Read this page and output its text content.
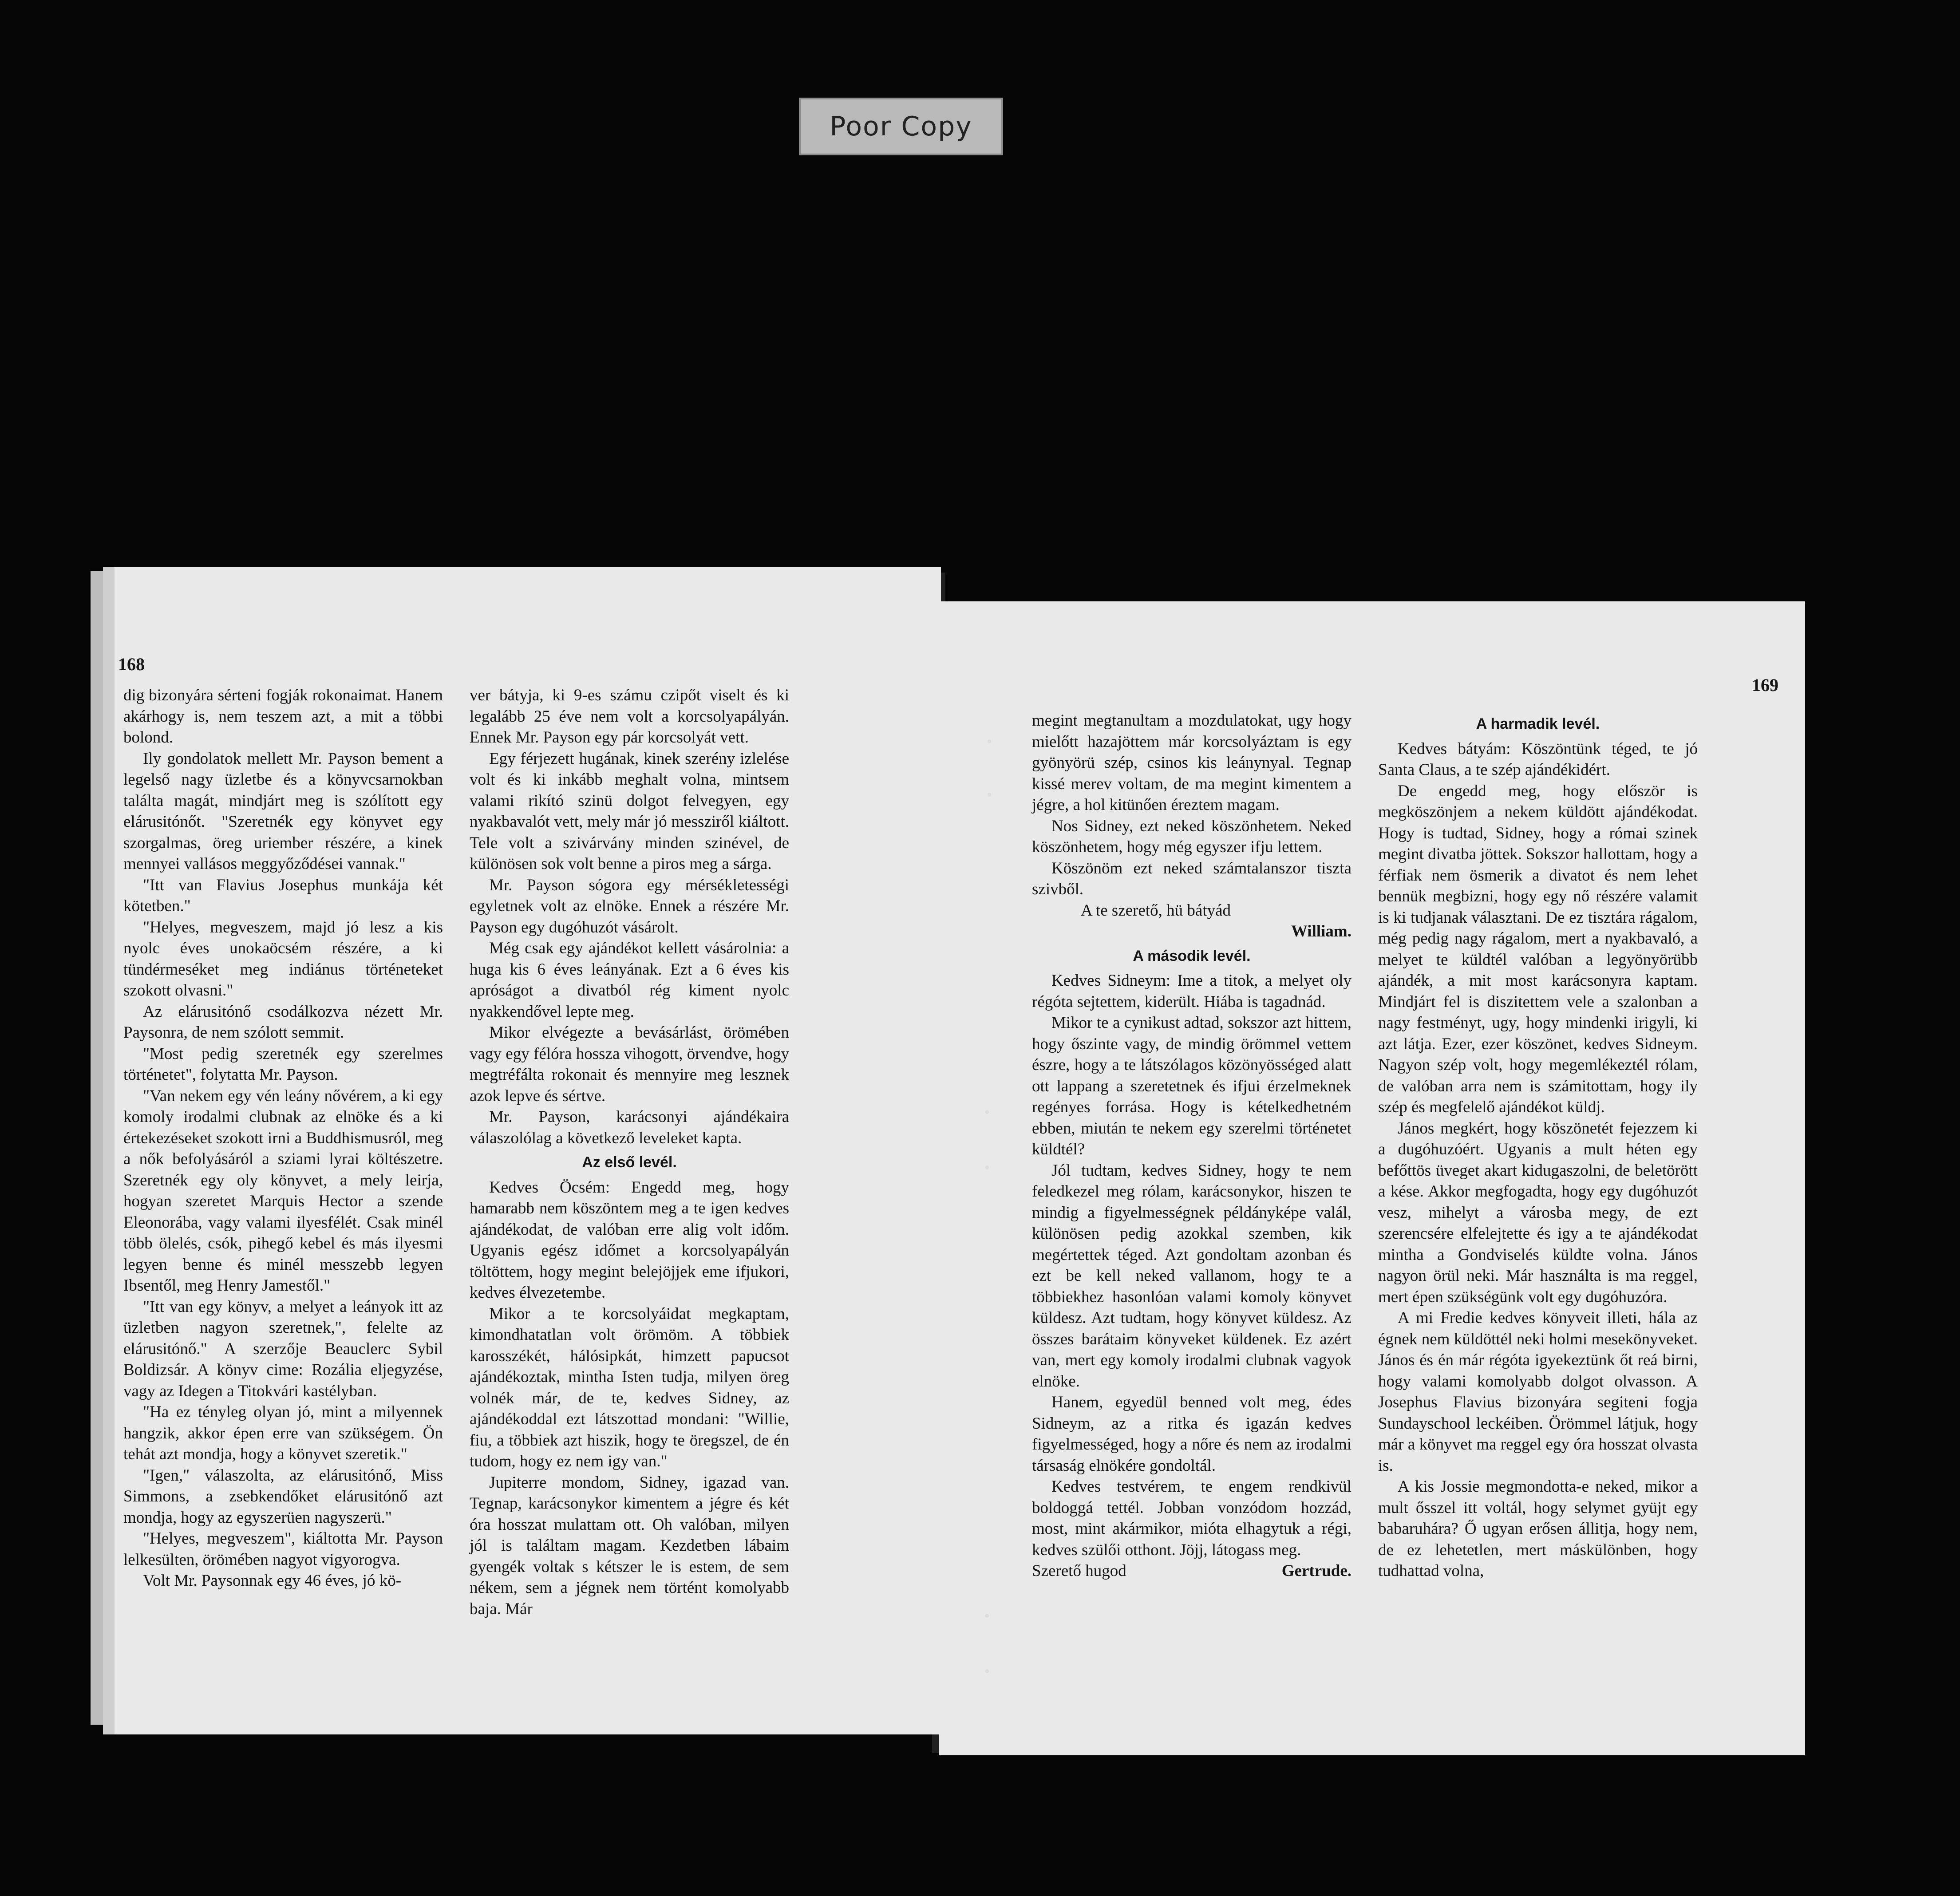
Poor Copy
168

dig bizonyára sérteni fogják rokonaimat. Hanem akárhogy is, nem teszem azt, a mit a többi bolond.

Ily gondolatok mellett Mr. Payson bement a legelső nagy üzletbe és a könyvcsarnokban találta magát, mindjárt meg is szólított egy elárusitónőt. "Szeretnék egy könyvet egy szorgalmas, öreg uriember részére, a kinek mennyei vallásos meggyőződései vannak."

"Itt van Flavius Josephus munkája két kötetben."

"Helyes, megveszem, majd jó lesz a kis nyolc éves unokaöcsém részére, a ki tündérmeséket meg indiánus történeteket szokott olvasni."

Az elárusitónő csodálkozva nézett Mr. Paysonra, de nem szólott semmit.

"Most pedig szeretnék egy szerelmes történetet", folytatta Mr. Payson.

"Van nekem egy vén leány nővérem, a ki egy komoly irodalmi clubnak az elnöke és a ki értekezéseket szokott irni a Buddhismusról, meg a nők befolyásáról a sziami lyrai költészetre. Szeretnék egy oly könyvet, a mely leirja, hogyan szeretet Marquis Hector a szende Eleonorába, vagy valami ilyesfélét. Csak minél több ölelés, csók, pihegő kebel és más ilyesmi legyen benne és minél messzebb legyen Ibsentől, meg Henry Jamestől."

"Itt van egy könyv, a melyet a leányok itt az üzletben nagyon szeretnek,", felelte az elárusitónő." A szerzője Beauclerc Sybil Boldizsár. A könyv cime: Rozália eljegyzése, vagy az Idegen a Titokvári kastélyban.

"Ha ez tényleg olyan jó, mint a milyennek hangzik, akkor épen erre van szükségem. Ön tehát azt mondja, hogy a könyvet szeretik."

"Igen," válaszolta, az elárusitónő, Miss Simmons, a zsebkendőket elárusitónő azt mondja, hogy az egyszerüen nagyszerü."

"Helyes, megveszem", kiáltotta Mr. Payson lelkesülten, örömében nagyot vigyorogva.

Volt Mr. Paysonnak egy 46 éves, jó kö-

ver bátyja, ki 9-es számu czipőt viselt és ki legalább 25 éve nem volt a korcsolyapályán. Ennek Mr. Payson egy pár korcsolyát vett.

Egy férjezett hugának, kinek szerény izlelése volt és ki inkább meghalt volna, mintsem valami rikító szinü dolgot felvegyen, egy nyakbavalót vett, mely már jó messziről kiáltott. Tele volt a szivárvány minden szinével, de különösen sok volt benne a piros meg a sárga.

Mr. Payson sógora egy mérsékletességi egyletnek volt az elnöke. Ennek a részére Mr. Payson egy dugóhuzót vásárolt.

Még csak egy ajándékot kellett vásárolnia: a huga kis 6 éves leányának. Ezt a 6 éves kis apróságot a divatból rég kiment nyolc nyakkendővel lepte meg.

Mikor elvégezte a bevásárlást, örömében vagy egy félóra hossza vihogott, örvendve, hogy megtréfálta rokonait és mennyire meg lesznek azok lepve és sértve.

Mr. Payson, karácsonyi ajándékaira válaszolólag a következő leveleket kapta.

Az első levél.

Kedves Öcsém: Engedd meg, hogy hamarabb nem köszöntem meg a te igen kedves ajándékodat, de valóban erre alig volt időm. Ugyanis egész időmet a korcsolyapályán töltöttem, hogy megint belejöjjek eme ifjukori, kedves élvezetembe.

Mikor a te korcsolyáidat megkaptam, kimondhatatlan volt örömöm. A többiek karosszékét, hálósipkát, himzett papucsot ajándékoztak, mintha Isten tudja, milyen öreg volnék már, de te, kedves Sidney, az ajándékoddal ezt látszottad mondani: "Willie, fiu, a többiek azt hiszik, hogy te öregszel, de én tudom, hogy ez nem igy van."

Jupiterre mondom, Sidney, igazad van. Tegnap, karácsonykor kimentem a jégre és két óra hosszat mulattam ott. Oh valóban, milyen jól is találtam magam. Kezdetben lábaim gyengék voltak s kétszer le is estem, de sem nékem, sem a jégnek nem történt komolyabb baja. Már

169

megint megtanultam a mozdulatokat, ugy hogy mielőtt hazajöttem már korcsolyáztam is egy gyönyörü szép, csinos kis leánynyal. Tegnap kissé merev voltam, de ma megint kimentem a jégre, a hol kitünően éreztem magam.

Nos Sidney, ezt neked köszönhetem. Neked köszönhetem, hogy még egyszer ifju lettem.

Köszönöm ezt neked számtalanszor tiszta szivből.

A te szerető, hü bátyád

William.

A második levél.

Kedves Sidneym: Ime a titok, a melyet oly régóta sejtettem, kiderült. Hiába is tagadnád.

Mikor te a cynikust adtad, sokszor azt hittem, hogy őszinte vagy, de mindig örömmel vettem észre, hogy a te látszólagos közönyösséged alatt ott lappang a szeretetnek és ifjui érzelmeknek regényes forrása. Hogy is kételkedhetném ebben, miután te nekem egy szerelmi történetet küldtél?

Jól tudtam, kedves Sidney, hogy te nem feledkezel meg rólam, karácsonykor, hiszen te mindig a figyelmességnek példányképe valál, különösen pedig azokkal szemben, kik megértettek téged. Azt gondoltam azonban és ezt be kell neked vallanom, hogy te a többiekhez hasonlóan valami komoly könyvet küldesz. Azt tudtam, hogy könyvet küldesz. Az összes barátaim könyveket küldenek. Ez azért van, mert egy komoly irodalmi clubnak vagyok elnöke.

Hanem, egyedül benned volt meg, édes Sidneym, az a ritka és igazán kedves figyelmességed, hogy a nőre és nem az irodalmi társaság elnökére gondoltál.

Kedves testvérem, te engem rendkivül boldoggá tettél. Jobban vonzódom hozzád, most, mint akármikor, mióta elhagytuk a régi, kedves szülői otthont. Jöjj, látogass meg.

Szerető hugod	Gertrude.
A harmadik levél.

Kedves bátyám: Köszöntünk téged, te jó Santa Claus, a te szép ajándékidért.

De engedd meg, hogy először is megköszönjem a nekem küldött ajándékodat. Hogy is tudtad, Sidney, hogy a római szinek megint divatba jöttek. Sokszor hallottam, hogy a férfiak nem ösmerik a divatot és nem lehet bennük megbizni, hogy egy nő részére valamit is ki tudjanak választani. De ez tisztára rágalom, még pedig nagy rágalom, mert a nyakbavaló, a melyet te küldtél valóban a legyönyörübb ajándék, a mit most karácsonyra kaptam. Mindjárt fel is diszitettem vele a szalonban a nagy festményt, ugy, hogy mindenki irigyli, ki azt látja. Ezer, ezer köszönet, kedves Sidneym. Nagyon szép volt, hogy megemlékeztél rólam, de valóban arra nem is számitottam, hogy ily szép és megfelelő ajándékot küldj.

János megkért, hogy köszönetét fejezzem ki a dugóhuzóért. Ugyanis a mult héten egy befőttös üveget akart kidugaszolni, de beletörött a kése. Akkor megfogadta, hogy egy dugóhuzót vesz, mihelyt a városba megy, de ezt szerencsére elfelejtette és igy a te ajándékodat mintha a Gondviselés küldte volna. János nagyon örül neki. Már használta is ma reggel, mert épen szükségünk volt egy dugóhuzóra.

A mi Fredie kedves könyveit illeti, hála az égnek nem küldöttél neki holmi mesekönyveket. János és én már régóta igyekeztünk őt reá birni, hogy valami komolyabb dolgot olvasson. A Josephus Flavius bizonyára segiteni fogja Sundayschool leckéiben. Örömmel látjuk, hogy már a könyvet ma reggel egy óra hosszat olvasta is.

A kis Jossie megmondotta-e neked, mikor a mult ősszel itt voltál, hogy selymet gyüjt egy babaruhára? Ő ugyan erősen állitja, hogy nem, de ez lehetetlen, mert máskülönben, hogy tudhattad volna,

•
•
•
•
•
•
